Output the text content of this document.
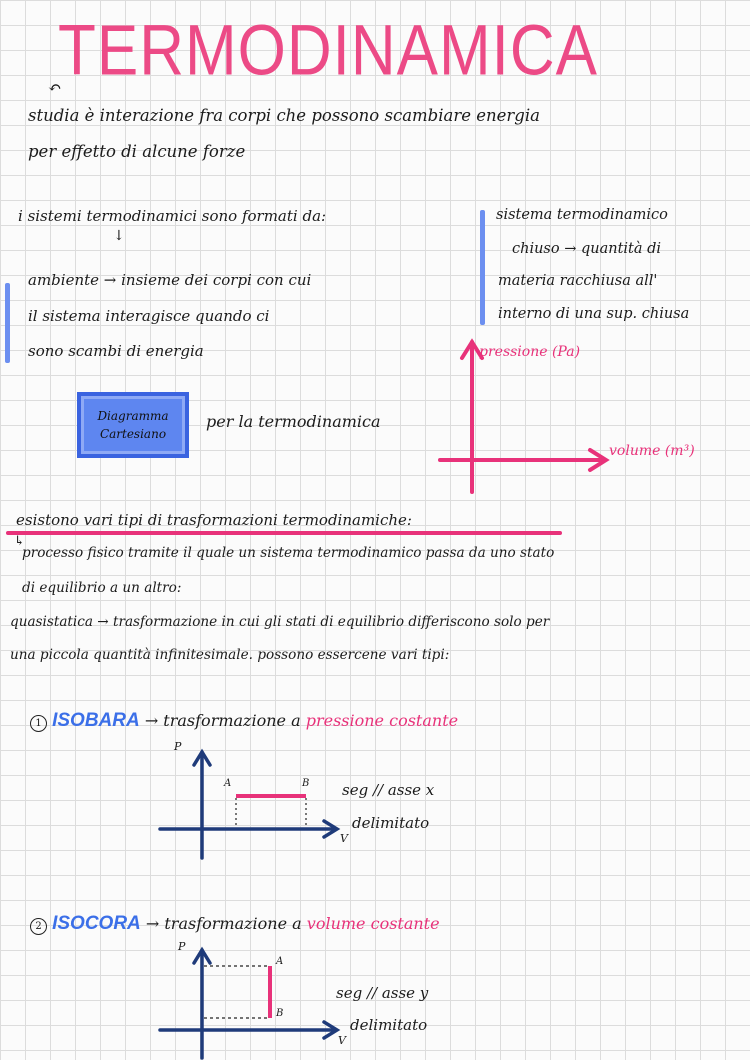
TERMODINAMICA
↶
studia è interazione fra corpi che possono scambiare energia
per effetto di alcune forze
i sistemi termodinamici sono formati da:
↓
ambiente → insieme dei corpi con cui
il sistema interagisce quando ci
sono scambi di energia
sistema termodinamico
chiuso → quantità di
materia racchiusa all'
interno di una sup. chiusa
Diagramma
Cartesiano
per la termodinamica
pressione (Pa)
volume (m³)
esistono vari tipi di trasformazioni termodinamiche:
↳
processo fisico tramite il quale un sistema termodinamico passa da uno stato
di equilibrio a un altro:
quasistatica → trasformazione in cui gli stati di equilibrio differiscono solo per
una piccola quantità infinitesimale. possono essercene vari tipi:
1 ISOBARA → trasformazione a pressione costante
P
V
A	B seg // asse x
delimitato
2 ISOCORA → trasformazione a volume costante
P
V
A
B
seg // asse y
delimitato
